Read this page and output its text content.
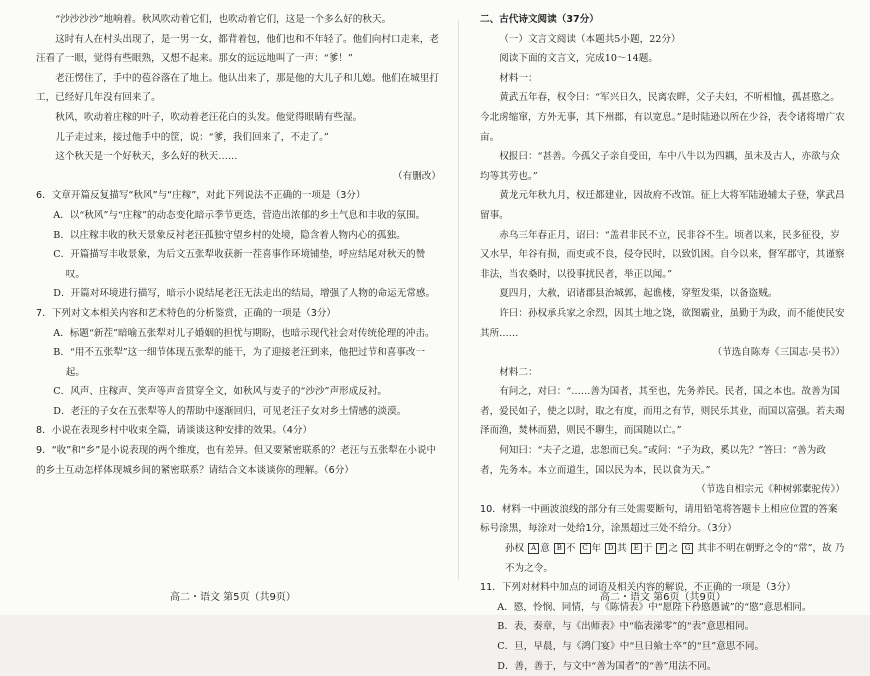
“沙沙沙沙”地响着。秋风吹动着它们，也吹动着它们，这是一个多么好的秋天。

这时有人在村头出现了，是一男一女，都背着包，他们也和不年轻了。他们向村口走来，老汪看了一眼，觉得有些眼熟，又想不起来。那女的远远地叫了一声：“爹！”

老汪愣住了，手中的苞谷落在了地上。他认出来了，那是他的大儿子和儿媳。他们在城里打工，已经好几年没有回来了。

秋风，吹动着庄稼的叶子，吹动着老汪花白的头发。他觉得眼睛有些湿。

儿子走过来，接过他手中的筐，说：“爹，我们回来了，不走了。”

这个秋天是一个好秋天，多么好的秋天……

（有删改）

6．文章开篇反复描写“秋风”与“庄稼”，对此下列说法不正确的一项是（3分）

A．以“秋风”与“庄稼”的动态变化暗示季节更迭，营造出浓郁的乡土气息和丰收的氛围。

B．以庄稼丰收的秋天景象反衬老汪孤独守望乡村的处境，隐含着人物内心的孤独。

C．开篇描写丰收景象，为后文五张犁收获新一茬喜事作环境铺垫，呼应结尾对秋天的赞叹。

D．开篇对环境进行描写，暗示小说结尾老汪无法走出的结局，增强了人物的命运无常感。

7．下列对文本相关内容和艺术特色的分析鉴赏，正确的一项是（3分）

A．标题“新茬”暗喻五张犁对儿子婚姻的担忧与期盼，也暗示现代社会对传统伦理的冲击。

B．“用不五张犁”这一细节体现五张犁的能干，为了迎接老汪到来，他把过节和喜事改一起。

C．风声、庄稼声、笑声等声音贯穿全文，如秋风与麦子的“沙沙”声形成反衬。

D．老汪的子女在五张犁等人的帮助中逐渐回归，可见老汪子女对乡土情感的淡漠。

8．小说在表现乡村中收束全篇，请谈谈这种安排的效果。（4分）

9．“收”和“乡”是小说表现的两个维度，也有差异。但又要紧密联系的？老汪与五张犁在小说中的乡土互动怎样体现城乡间的紧密联系？请结合文本谈谈你的理解。（6分）

二、古代诗文阅读（37分）

（一）文言文阅读（本题共5小题，22分）

阅读下面的文言文，完成10～14题。

材料一：

黄武五年春，权令曰：“军兴日久，民离农畔，父子夫妇，不听相恤，孤甚愍之。今北虏缩窜，方外无事，其下州郡，有以宽息。”是时陆逊以所在少谷，表令诸将增广农亩。

权报曰：“甚善。今孤父子亲自受田，车中八牛以为四耦，虽未及古人，亦欲与众均等其劳也。”

黄龙元年秋九月，权迁都建业，因故府不改馆。征上大将军陆逊辅太子登，掌武昌留事。

赤乌三年春正月，诏曰：“盖君非民不立，民非谷不生。顷者以来，民多征役，岁又水旱，年谷有损，而吏或不良，侵夺民时，以致饥困。自今以来，督军郡守，其谨察非法，当农桑时，以役事扰民者，举正以闻。”

夏四月，大赦，诏诸郡县治城郭，起谯楼，穿堑发渠，以备盗贼。

许曰：孙权承兵家之余烈，因其土地之饶，欲图霸业，虽勤于为政，而不能使民安其所……

（节选自陈寿《三国志·吴书》）

材料二：

有问之，对曰：“……善为国者，其至也，先务养民。民者，国之本也。故善为国者，爱民如子，使之以时，取之有度，而用之有节，则民乐其业，而国以富强。若夫竭泽而渔，焚林而猎，则民不聊生，而国随以亡。”

何知曰：“夫子之道，忠恕而已矣。”或问：“子为政，奚以先？”答曰：“善为政者，先务本。本立而道生，国以民为本，民以食为天。”

（节选自相宗元《种树郭橐驼传》）

10．材料一中画波浪线的部分有三处需要断句，请用铅笔将答题卡上相应位置的答案标号涂黑，每涂对一处给1分，涂黑超过三处不给分。（3分）

孙权 A 意 B 不 C 年 D 其 E 于 F 之 G 其非不明在朝野之令的“常”，故 乃不为之令。

11．下列对材料中加点的词语及相关内容的解说，不正确的一项是（3分）

A．愍，怜悯、同情，与《陈情表》中“愿陛下矜愍愚诚”的“愍”意思相同。

B．表，奏章，与《出师表》中“临表涕零”的“表”意思相同。

C．旦，早晨，与《鸿门宴》中“旦日飨士卒”的“旦”意思不同。

D．善，善于，与文中“善为国者”的“善”用法不同。

高二・语文 第5页（共9页）	高二・语文 第6页（共9页）
